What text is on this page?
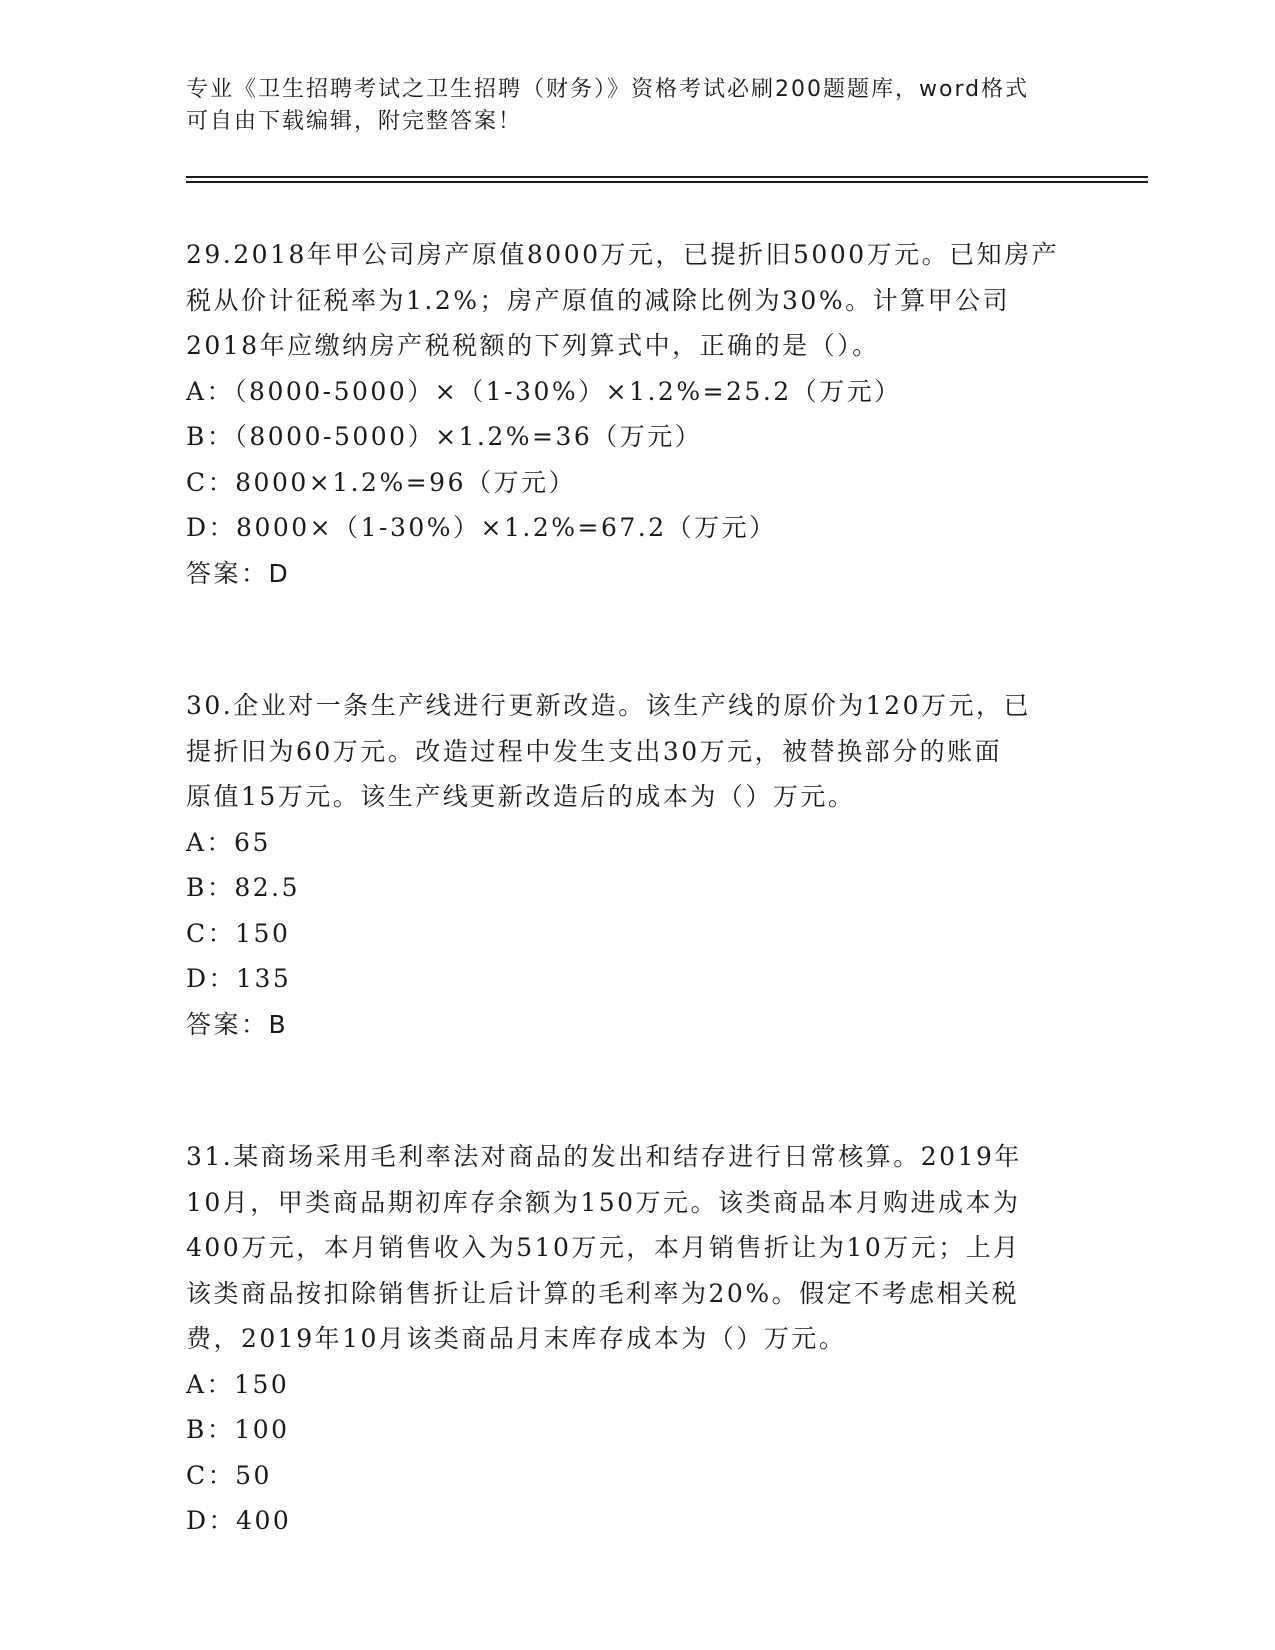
专业《卫生招聘考试之卫生招聘（财务）》资格考试必刷200题题库，word格式
可自由下载编辑，附完整答案！
29.2018年甲公司房产原值8000万元，已提折旧5000万元。已知房产
税从价计征税率为1.2%；房产原值的减除比例为30%。计算甲公司
2018年应缴纳房产税税额的下列算式中，正确的是（）。
A：（8000-5000）×（1-30%）×1.2%=25.2（万元）
B：（8000-5000）×1.2%=36（万元）
C：8000×1.2%=96（万元）
D：8000×（1-30%）×1.2%=67.2（万元）
答案：D
30.企业对一条生产线进行更新改造。该生产线的原价为120万元，已
提折旧为60万元。改造过程中发生支出30万元，被替换部分的账面
原值15万元。该生产线更新改造后的成本为（）万元。
A：65
B：82.5
C：150
D：135
答案：B
31.某商场采用毛利率法对商品的发出和结存进行日常核算。2019年
10月，甲类商品期初库存余额为150万元。该类商品本月购进成本为
400万元，本月销售收入为510万元，本月销售折让为10万元；上月
该类商品按扣除销售折让后计算的毛利率为20%。假定不考虑相关税
费，2019年10月该类商品月末库存成本为（）万元。
A：150
B：100
C：50
D：400
